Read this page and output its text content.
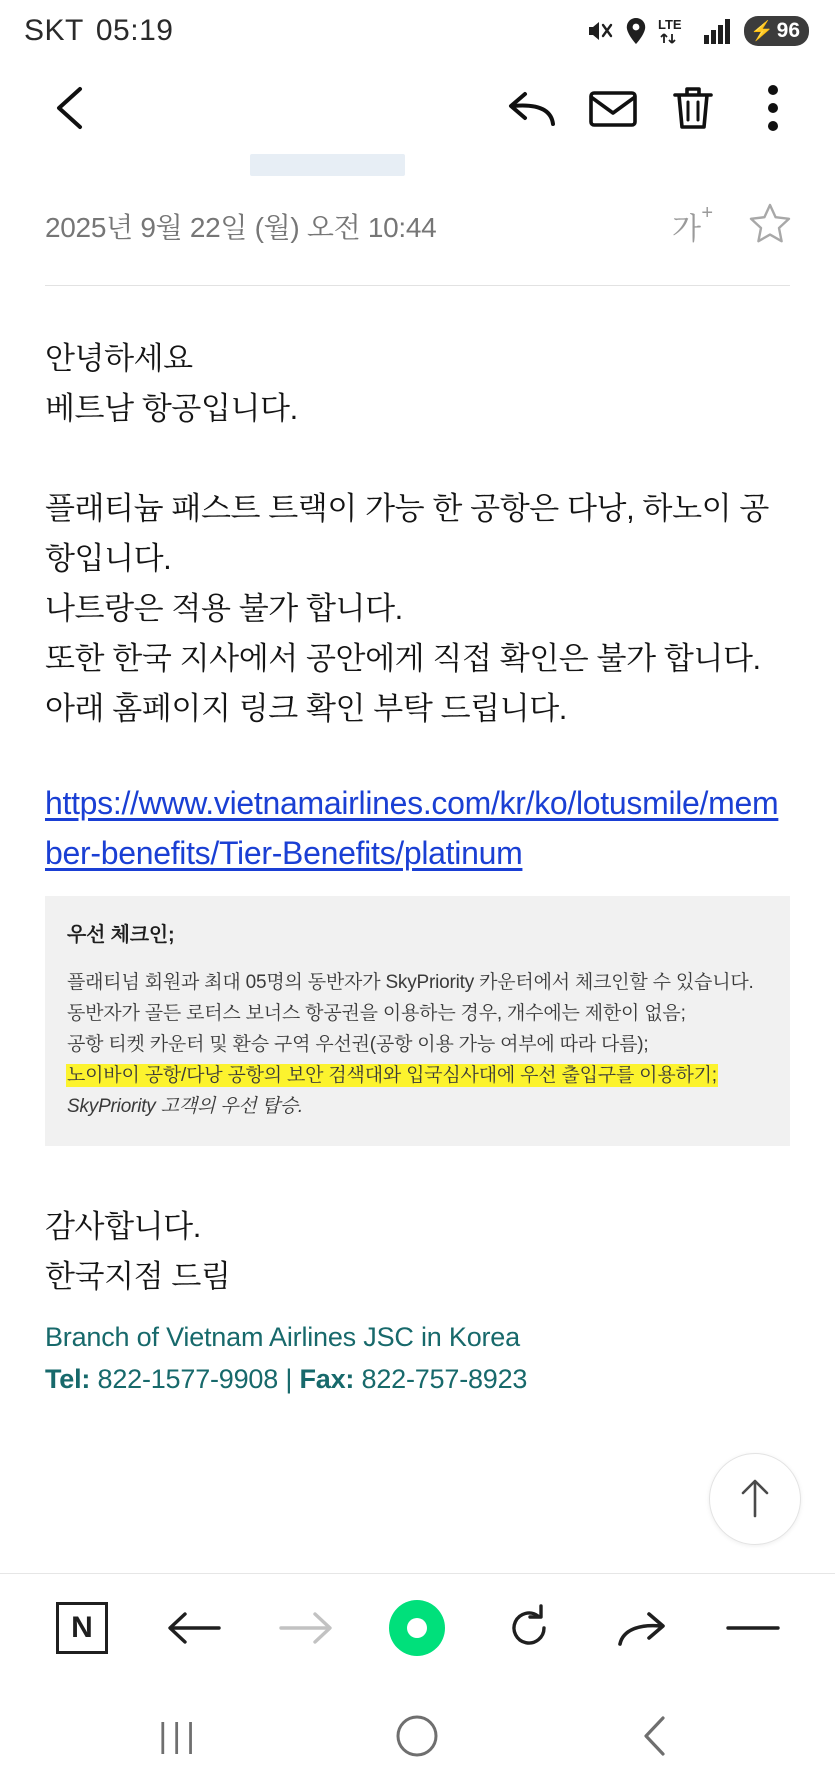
SKT 05:19	LTE	⚡ 96
2025년 9월 22일 (월) 오전 10:44	가 +

안녕하세요

베트남 항공입니다.

플래티늄 패스트 트랙이 가능 한 공항은 다낭, 하노이 공항입니다.

나트랑은 적용 불가 합니다.

또한 한국 지사에서 공안에게 직접 확인은 불가 합니다.

아래 홈페이지 링크 확인 부탁 드립니다.

https://www.vietnamairlines.com/kr/ko/lotusmile/member-benefits/Tier-Benefits/platinum
우선 체크인;
플래티넘 회원과 최대 05명의 동반자가 SkyPriority 카운터에서 체크인할 수 있습니다. 동반자가 골든 로터스 보너스 항공권을 이용하는 경우, 개수에는 제한이 없음;
공항 티켓 카운터 및 환승 구역 우선권(공항 이용 가능 여부에 따라 다름);
노이바이 공항/다낭 공항의 보안 검색대와 입국심사대에 우선 출입구를 이용하기;
SkyPriority 고객의 우선 탑승.
감사합니다.
한국지점 드림
Branch of Vietnam Airlines JSC in Korea
Tel: 822-1577-9908 | Fax: 822-757-8923
N
|||
